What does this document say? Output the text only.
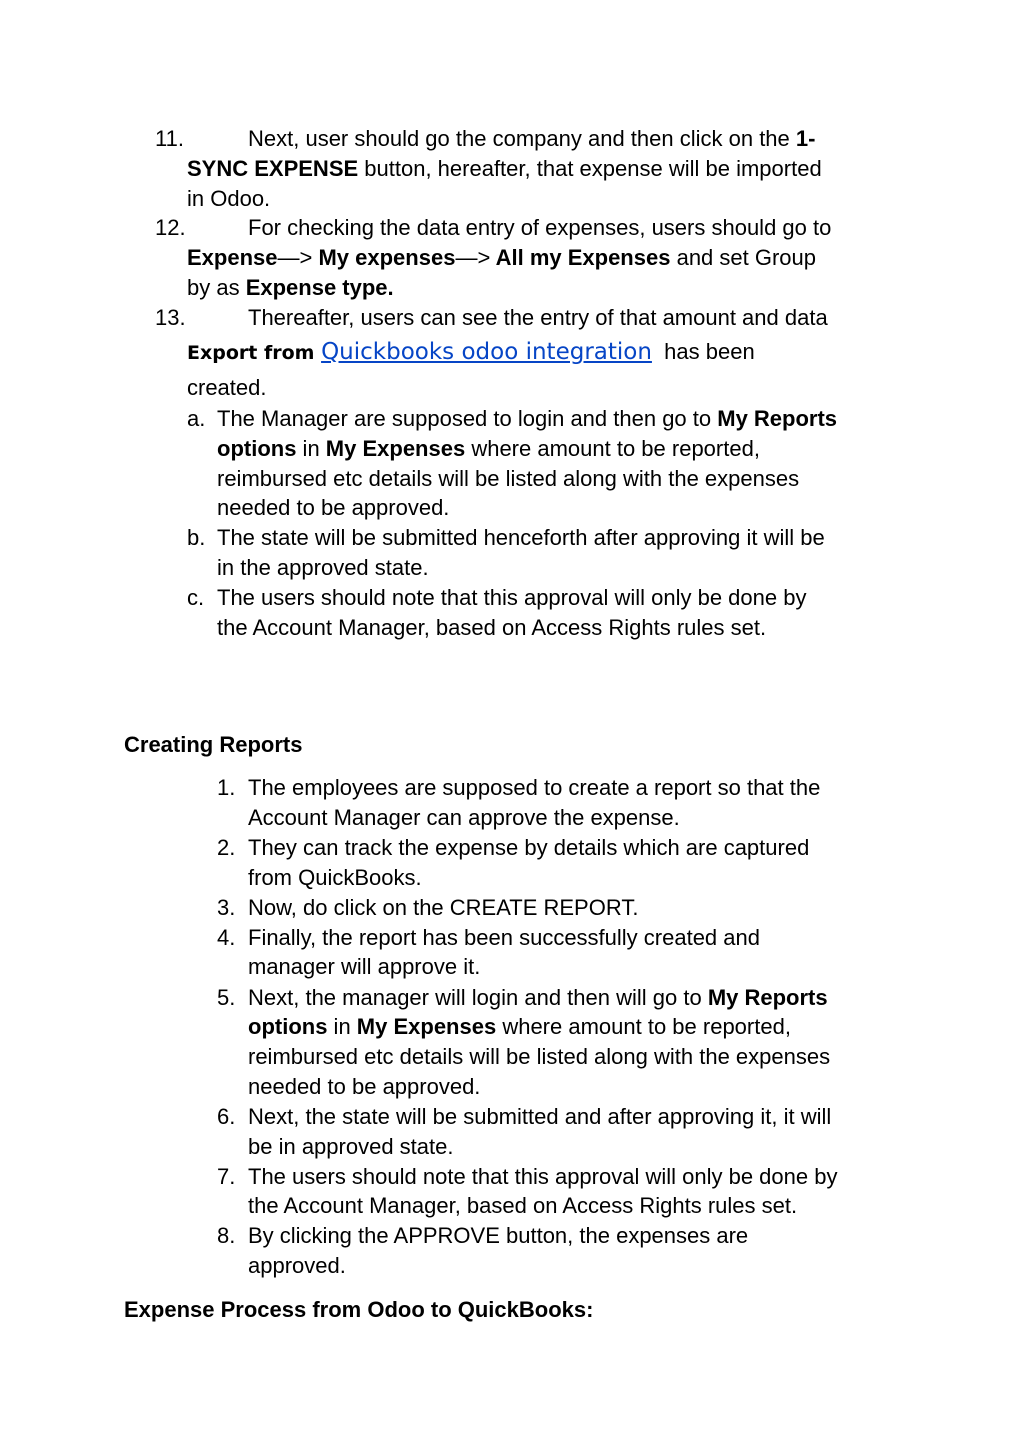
11.	Next, user should go the company and then click on the 1-
SYNC EXPENSE button, hereafter, that expense will be imported
in Odoo.
12.	For checking the data entry of expenses, users should go to
Expense—> My expenses—> All my Expenses and set Group
by as Expense type.
13.	Thereafter, users can see the entry of that amount and data
Export from Quickbooks odoo integration  has been
created.
a. The Manager are supposed to login and then go to My Reports
options in My Expenses where amount to be reported,
reimbursed etc details will be listed along with the expenses
needed to be approved.
b. The state will be submitted henceforth after approving it will be
in the approved state.
c. The users should note that this approval will only be done by
the Account Manager, based on Access Rights rules set.
Creating Reports
1. The employees are supposed to create a report so that the
Account Manager can approve the expense.
2. They can track the expense by details which are captured
from QuickBooks.
3. Now, do click on the CREATE REPORT.
4. Finally, the report has been successfully created and
manager will approve it.
5. Next, the manager will login and then will go to My Reports
options in My Expenses where amount to be reported,
reimbursed etc details will be listed along with the expenses
needed to be approved.
6. Next, the state will be submitted and after approving it, it will
be in approved state.
7. The users should note that this approval will only be done by
the Account Manager, based on Access Rights rules set.
8. By clicking the APPROVE button, the expenses are
approved.
Expense Process from Odoo to QuickBooks:
